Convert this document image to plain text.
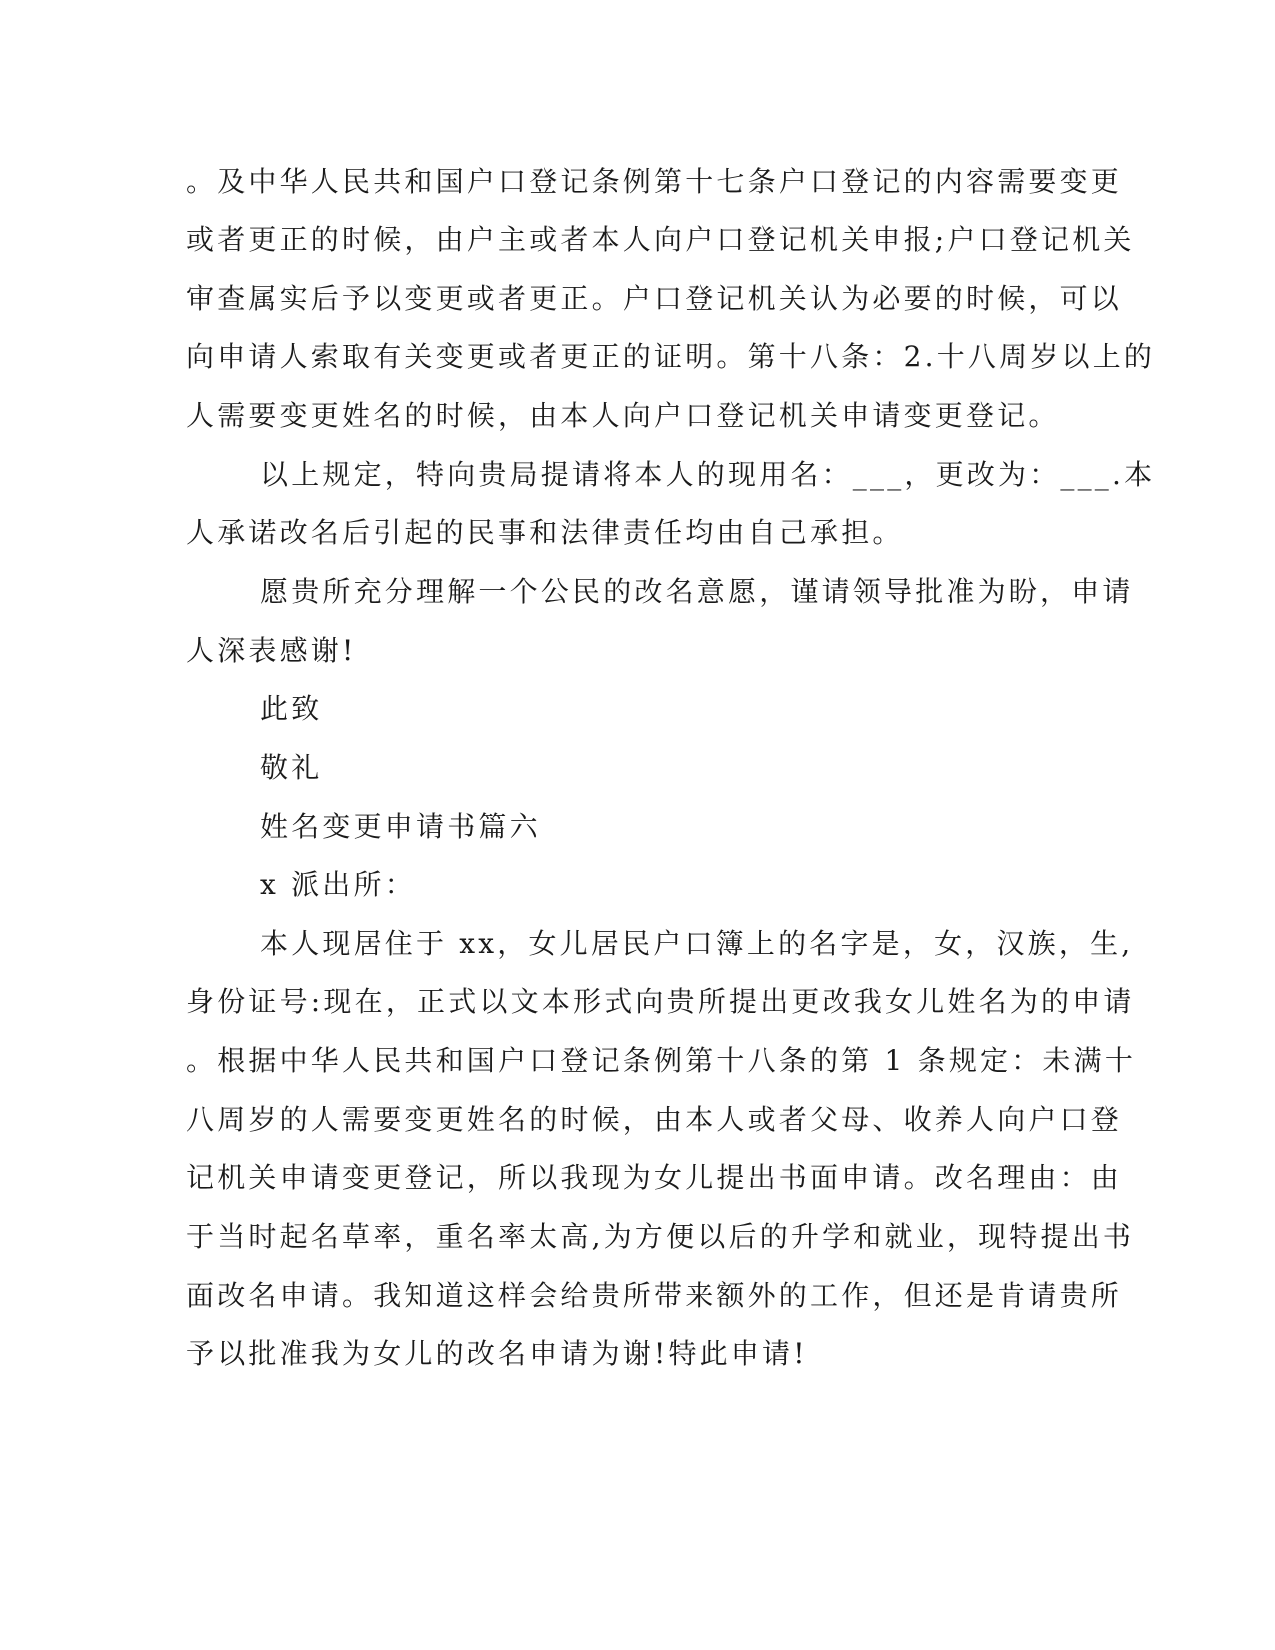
。及中华人民共和国户口登记条例第十七条户口登记的内容需要变更
或者更正的时候，由户主或者本人向户口登记机关申报;户口登记机关
审查属实后予以变更或者更正。户口登记机关认为必要的时候，可以
向申请人索取有关变更或者更正的证明。第十八条：2.十八周岁以上的
人需要变更姓名的时候，由本人向户口登记机关申请变更登记。
以上规定，特向贵局提请将本人的现用名：___，更改为：___.本
人承诺改名后引起的民事和法律责任均由自己承担。
愿贵所充分理解一个公民的改名意愿，谨请领导批准为盼，申请
人深表感谢!
此致
敬礼
姓名变更申请书篇六
x 派出所：
本人现居住于 xx，女儿居民户口簿上的名字是，女，汉族，生,
身份证号:现在，正式以文本形式向贵所提出更改我女儿姓名为的申请
。根据中华人民共和国户口登记条例第十八条的第 1 条规定：未满十
八周岁的人需要变更姓名的时候，由本人或者父母、收养人向户口登
记机关申请变更登记，所以我现为女儿提出书面申请。改名理由：由
于当时起名草率，重名率太高,为方便以后的升学和就业，现特提出书
面改名申请。我知道这样会给贵所带来额外的工作，但还是肯请贵所
予以批准我为女儿的改名申请为谢!特此申请!
